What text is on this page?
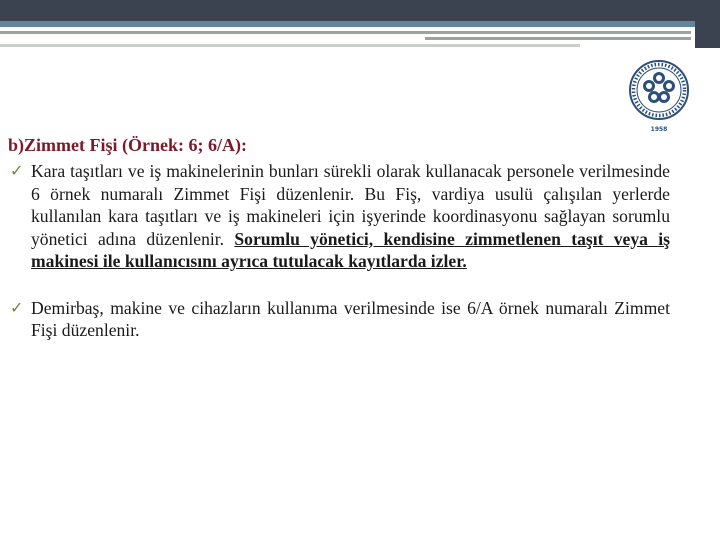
1958
b)Zimmet Fişi (Örnek: 6; 6/A):
✓ Kara taşıtları ve iş makinelerinin bunları sürekli olarak kullanacak personele verilmesinde 6 örnek numaralı Zimmet Fişi düzenlenir. Bu Fiş, vardiya usulü çalışılan yerlerde kullanılan kara taşıtları ve iş makineleri için işyerinde koordinasyonu sağlayan sorumlu yönetici adına düzenlenir. Sorumlu yönetici, kendisine zimmetlenen taşıt veya iş makinesi ile kullanıcısını ayrıca tutulacak kayıtlarda izler.
✓ Demirbaş, makine ve cihazların kullanıma verilmesinde ise 6/A örnek numaralı Zimmet Fişi düzenlenir.
